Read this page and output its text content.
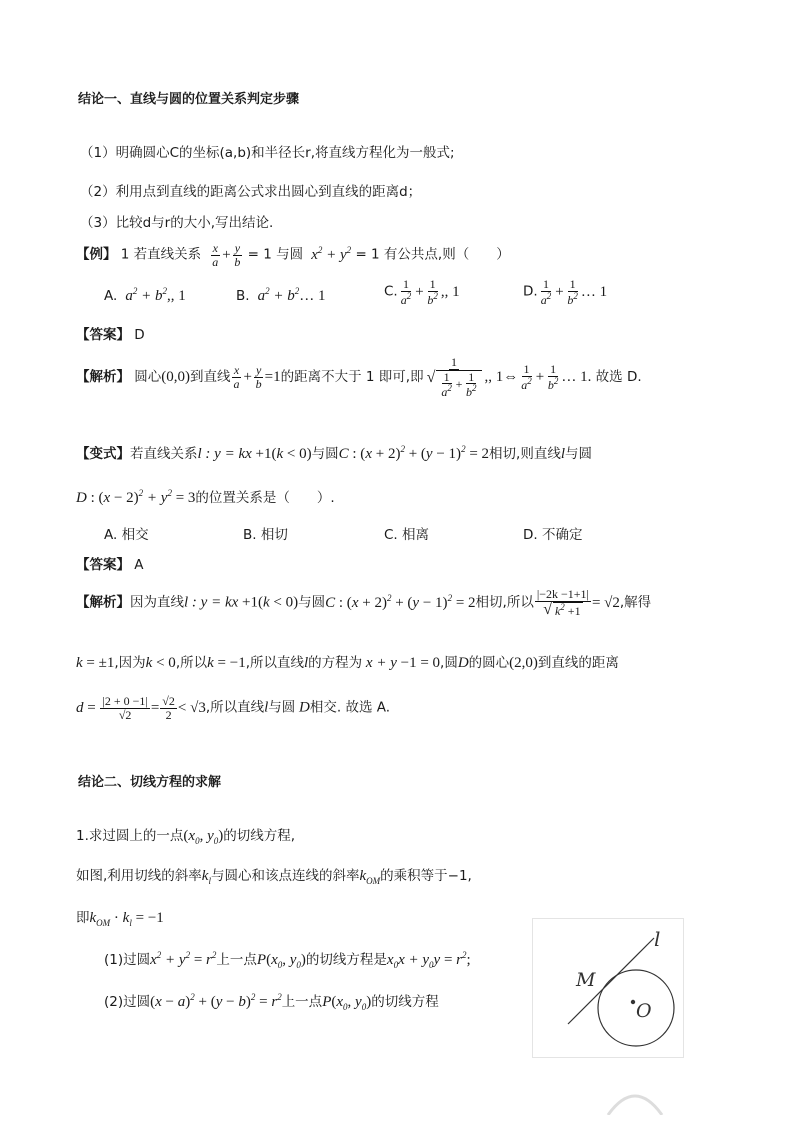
结论一、直线与圆的位置关系判定步骤
（1）明确圆心C的坐标(a,b)和半径长r,将直线方程化为一般式;
（2）利用点到直线的距离公式求出圆心到直线的距离d；
（3）比较d与r的大小,写出结论.
【例】 1 若直线关系 $\frac{x}{a} + \frac{y}{b} = 1$ 与圆  $x^2 + y^2 = 1$ 有公共点,则（　　）
A.  $a^2 + b^2$,, 1	B.  $a^2$ + $b^2\dots$ 1	C. $\frac{1}{a^2} + \frac{1}{b^2}$ ,, 1	D. $\frac{1}{a^2} + \frac{1}{b^2}$ … 1
【答案】 D
【解析】 圆心(0,0)到直线 $\frac{x}{a} + \frac{y}{b} =1$的距离不大于 1 即可,即 $\frac{1}{√ \frac{1}{a^2} + \frac{1}{b^2}}$ ,, 1⇔ $\frac{1}{a^2} + \frac{1}{b^2}$ … 1. 故选 D.
【变式】若直线关系l : y = kx +1(k < 0)与圆C : $(x + 2)^2 + (y - 1)^2 = 2$相切,则直线l与圆
D : $(x - 2)^2 + y^2 = 3$的位置关系是（　　）.
A. 相交	B. 相切	C. 相离	D. 不确定
【答案】 A
【解析】因为直线l : y = kx +1(k < 0)与圆C : $(x + 2)^2 + (y - 1)^2 = 2$相切,所以 $\frac{|-2k -1+1|}{√ k^2 +1} = √2$,解得
k = ±1,因为k < 0,所以k = −1,所以直线l的方程为 x + y −1 = 0,圆D的圆心(2,0)到直线的距离
$d = \frac{|2 + 0 -1|}{√2} = \frac{√2}{2} < √3$,所以直线l与圆 D相交. 故选 A.
结论二、切线方程的求解
1.求过圆上的一点($x_0$, $y_0$)的切线方程,
如图,利用切线的斜率$k_l$与圆心和该点连线的斜率$k_{OM}$的乘积等于−1,
即$k_{OM} \cdot k_l = -1$
(1)过圆$x^2 + y^2 = r^2$上一点$P(x_0$, $y_0$)的切线方程是$x_0x + y_0y = r^2$;
(2)过圆$(x - a)^2 + (y - b)^2 = r^2$上一点$P(x_0$, $y_0$)的切线方程
l
M
O
